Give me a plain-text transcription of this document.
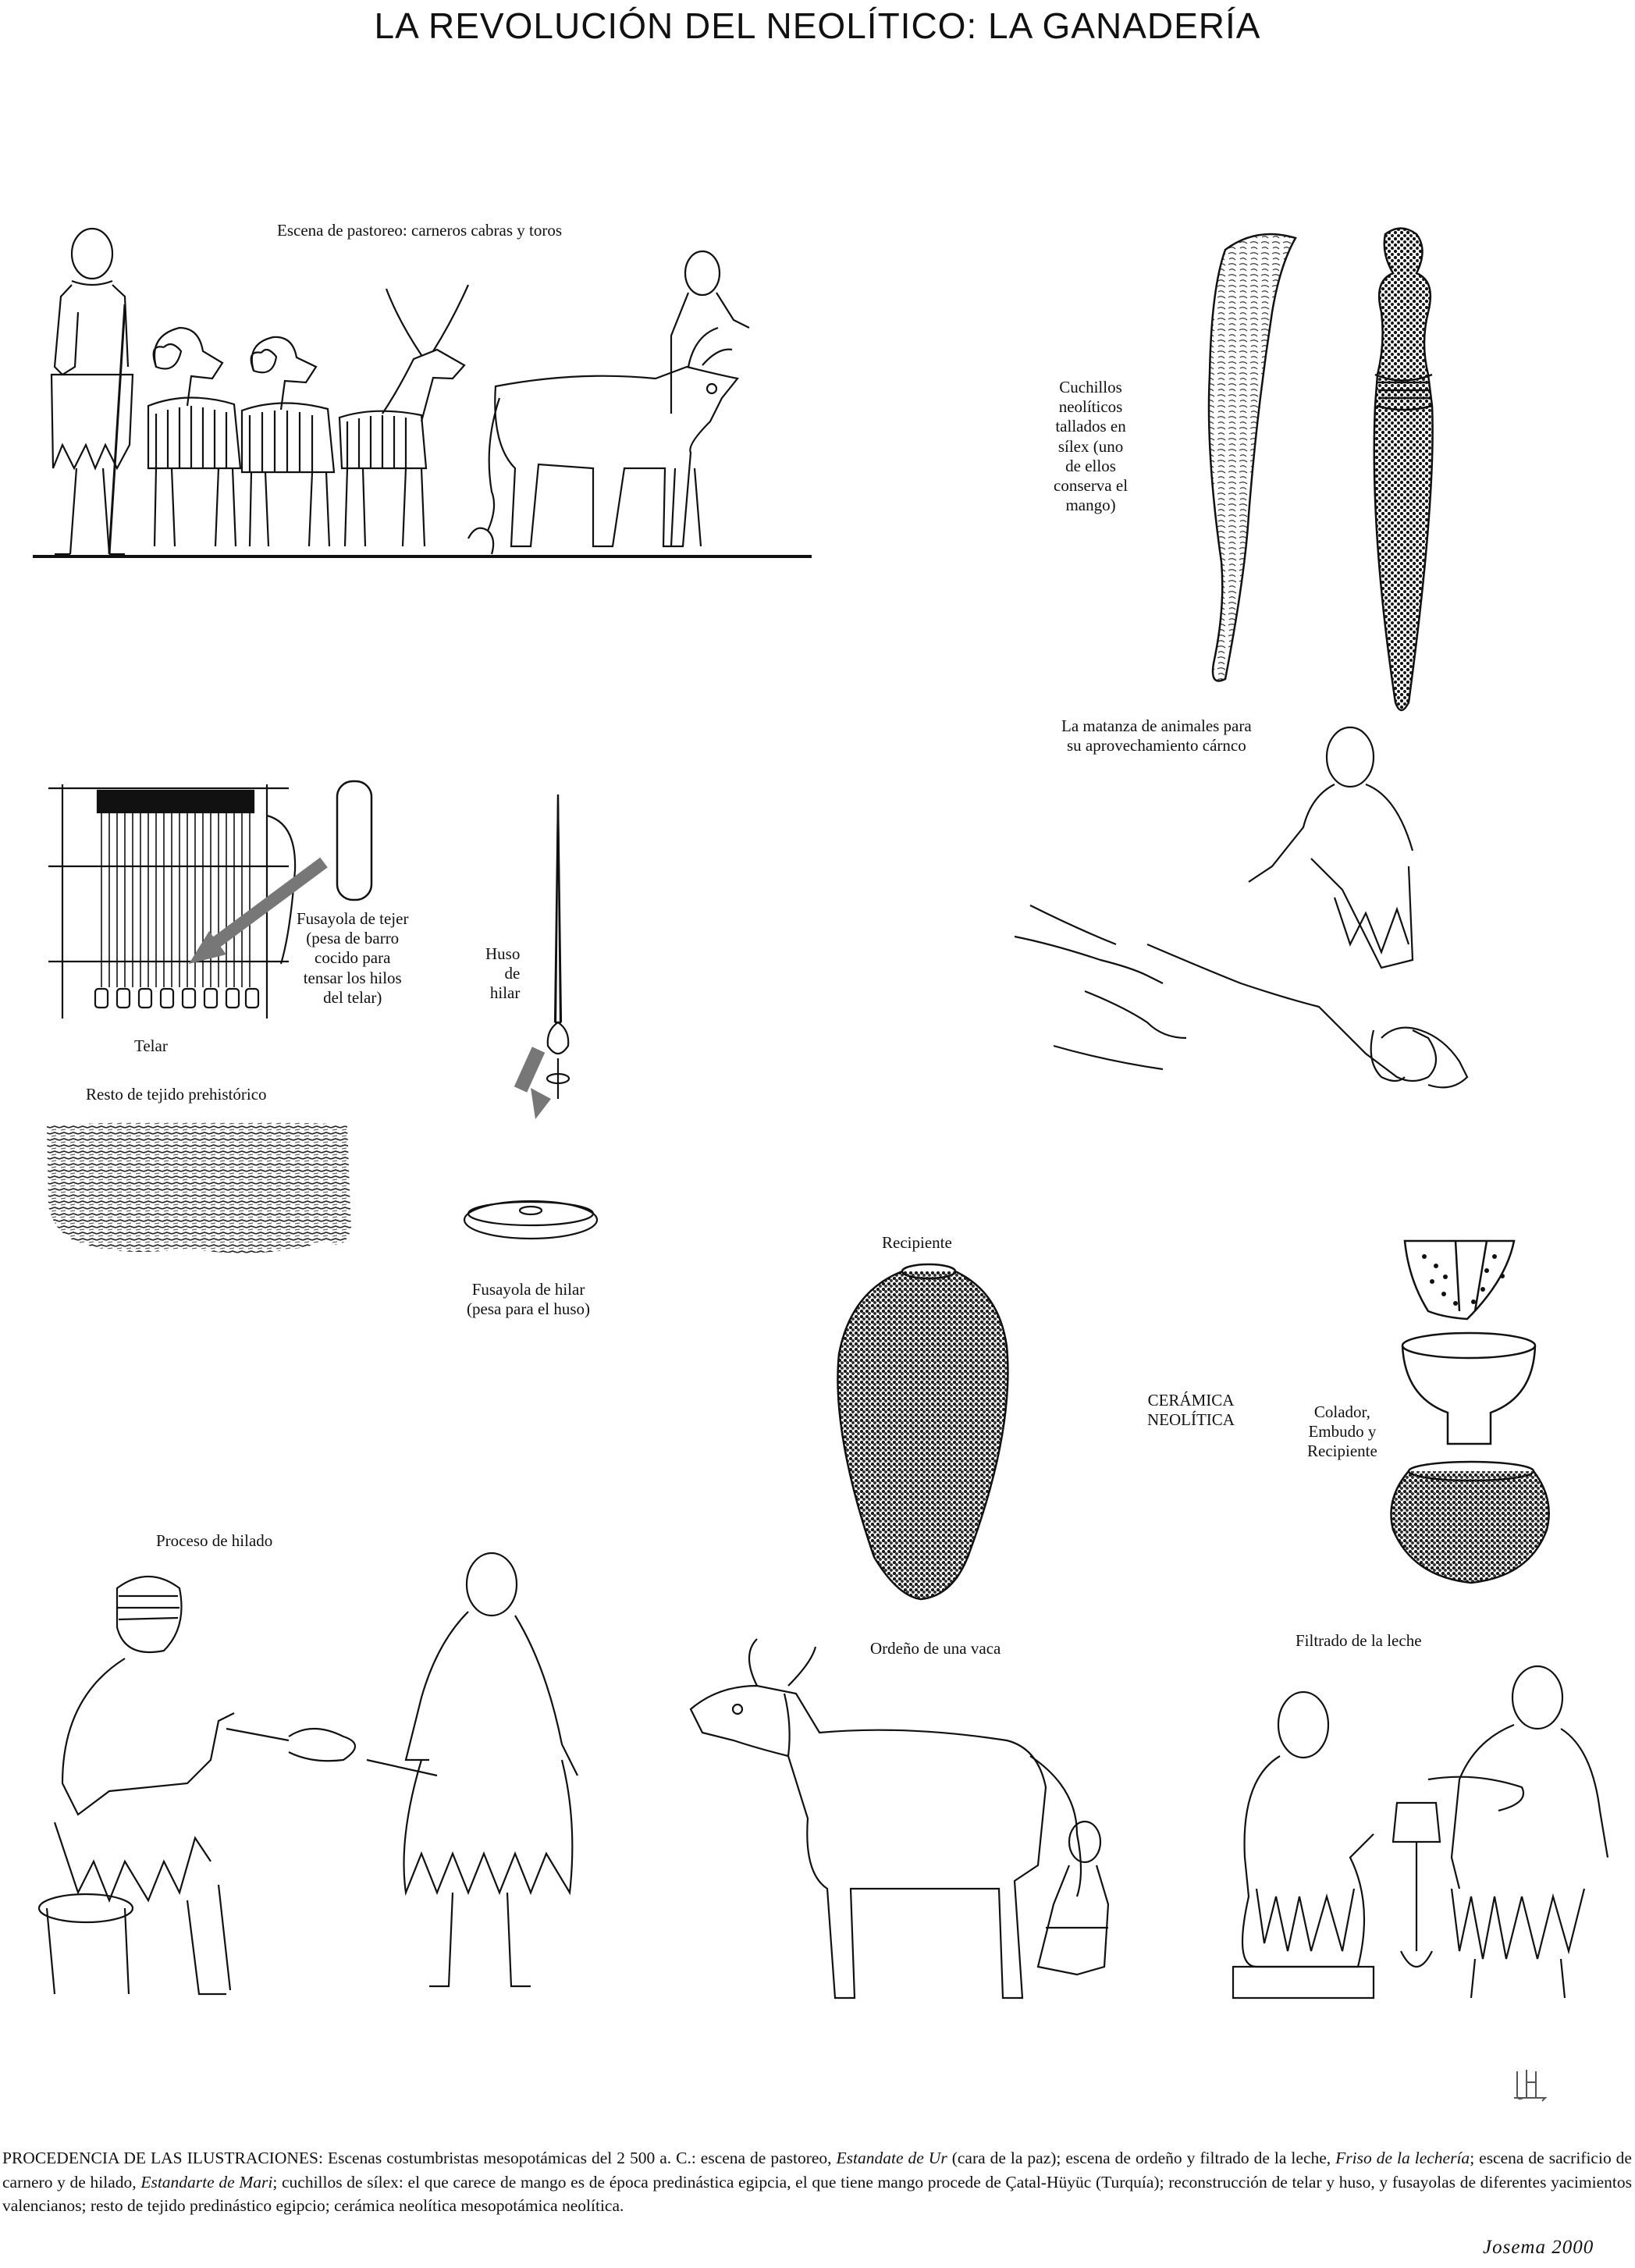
LA REVOLUCIÓN DEL NEOLÍTICO: LA GANADERÍA
Escena de pastoreo: carneros cabras y toros
Cuchillos
neolíticos
tallados en
sílex (uno
de ellos
conserva el
mango)
La matanza de animales para
su aprovechamiento cárnco
Telar
Fusayola de tejer
(pesa de barro
cocido para
tensar los hilos
del telar)
Huso
de
hilar
Fusayola de hilar
(pesa para el huso)
Resto de tejido prehistórico
Recipiente
CERÁMICA
NEOLÍTICA	Colador,
Embudo y
Recipiente
Proceso de hilado
Ordeño de una vaca	Filtrado de la leche
PROCEDENCIA DE LAS ILUSTRACIONES: Escenas costumbristas mesopotámicas del 2 500 a. C.: escena de pastoreo, Estandate de Ur (cara de la paz); escena de ordeño y filtrado de la leche, Friso de la lechería; escena de sacrificio de carnero y de hilado, Estandarte de Mari; cuchillos de sílex: el que carece de mango es de época predinástica egipcia, el que tiene mango procede de Çatal-Hüyüc (Turquía); reconstrucción de telar y huso, y fusayolas de diferentes yacimientos valencianos; resto de tejido predinástico egipcio; cerámica neolítica mesopotámica neolítica.
Josema 2000
